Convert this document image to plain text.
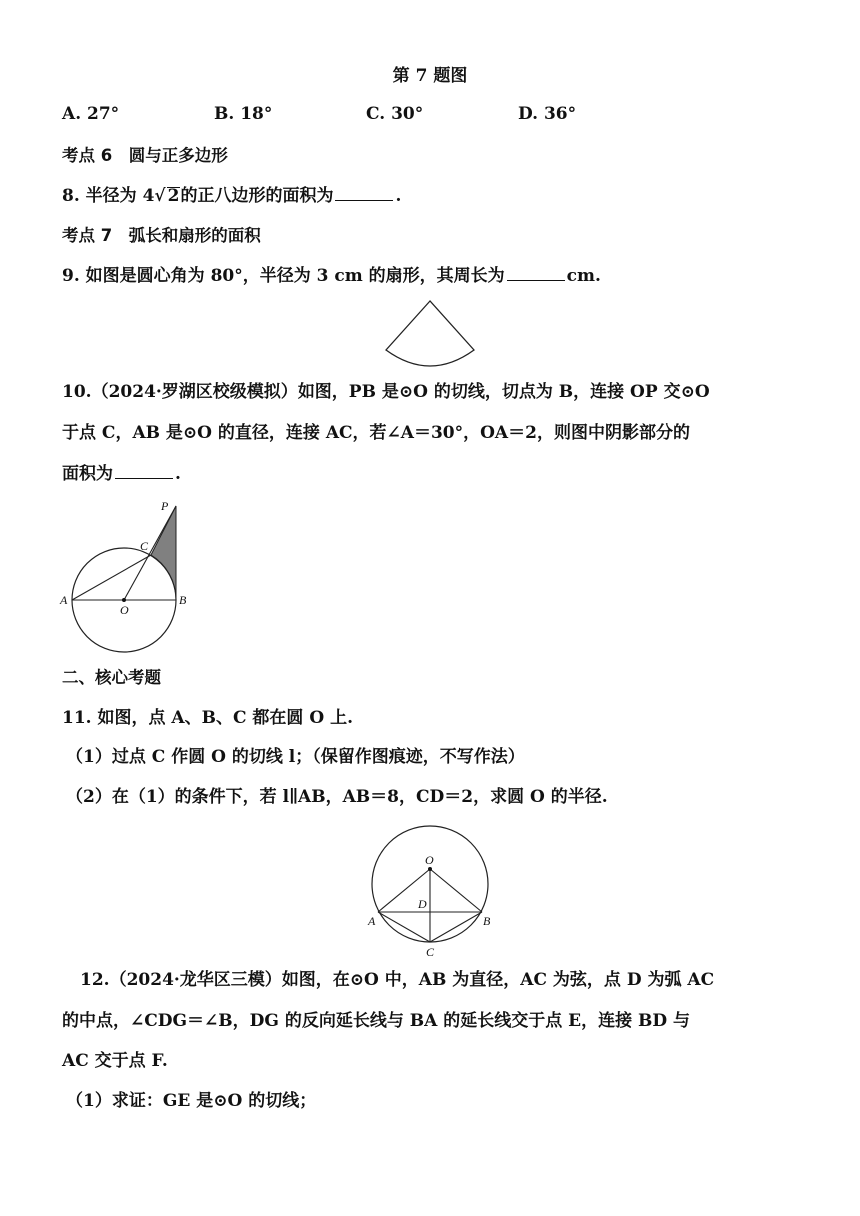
第 7 题图
A. 27°	B. 18°	C. 30°	D. 36°
考点 6　圆与正多边形
8. 半径为 4√ 2的正八边形的面积为	.
考点 7　弧长和扇形的面积
9. 如图是圆心角为 80°，半径为 3 cm 的扇形，其周长为	cm.
10.（2024·罗湖区校级模拟）如图，PB 是⊙O 的切线，切点为 B，连接 OP 交⊙O
于点 C，AB 是⊙O 的直径，连接 AC，若∠A＝30°，OA＝2，则图中阴影部分的
面积为	.
P
C
A
O
B
二、核心考题
11. 如图，点 A、B、C 都在圆 O 上.
（1）过点 C 作圆 O 的切线 l；（保留作图痕迹，不写作法）
（2）在（1）的条件下，若 l∥AB，AB＝8，CD＝2，求圆 O 的半径.
O
D
A	B
C
12.（2024·龙华区三模）如图，在⊙O 中，AB 为直径，AC 为弦，点 D 为弧 AC
的中点，∠CDG＝∠B，DG 的反向延长线与 BA 的延长线交于点 E，连接 BD 与
AC 交于点 F.
（1）求证：GE 是⊙O 的切线；
